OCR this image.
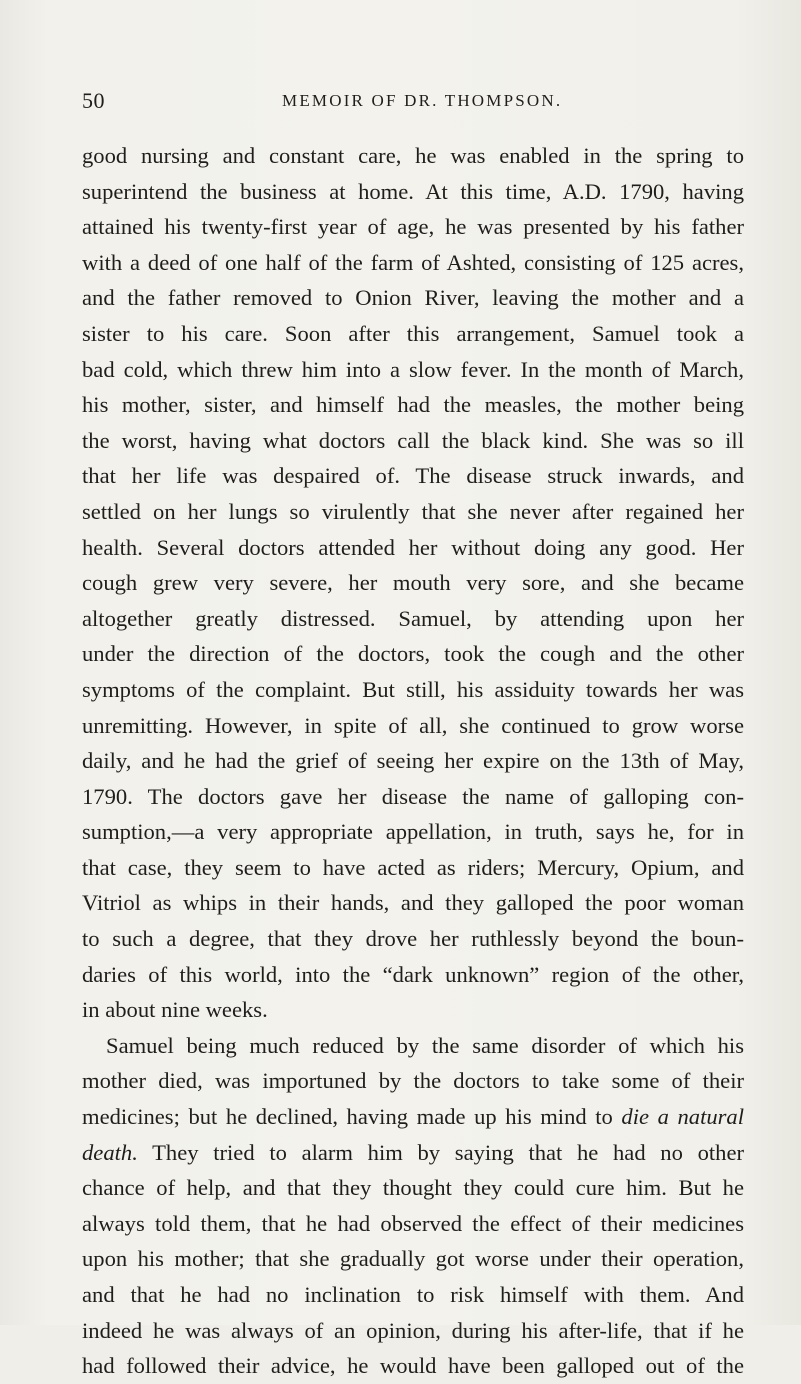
50	MEMOIR OF DR. THOMPSON.
good nursing and constant care, he was enabled in the spring to
superintend the business at home. At this time, A.D. 1790, having
attained his twenty-first year of age, he was presented by his father
with a deed of one half of the farm of Ashted, consisting of 125 acres,
and the father removed to Onion River, leaving the mother and a
sister to his care. Soon after this arrangement, Samuel took a
bad cold, which threw him into a slow fever. In the month of March,
his mother, sister, and himself had the measles, the mother being
the worst, having what doctors call the black kind. She was so ill
that her life was despaired of. The disease struck inwards, and
settled on her lungs so virulently that she never after regained her
health. Several doctors attended her without doing any good. Her
cough grew very severe, her mouth very sore, and she became
altogether greatly distressed. Samuel, by attending upon her
under the direction of the doctors, took the cough and the other
symptoms of the complaint. But still, his assiduity towards her was
unremitting. However, in spite of all, she continued to grow worse
daily, and he had the grief of seeing her expire on the 13th of May,
1790. The doctors gave her disease the name of galloping con-
sumption,—a very appropriate appellation, in truth, says he, for in
that case, they seem to have acted as riders; Mercury, Opium, and
Vitriol as whips in their hands, and they galloped the poor woman
to such a degree, that they drove her ruthlessly beyond the boun-
daries of this world, into the “dark unknown” region of the other,
in about nine weeks.
Samuel being much reduced by the same disorder of which his
mother died, was importuned by the doctors to take some of their
medicines; but he declined, having made up his mind to die a natural
death. They tried to alarm him by saying that he had no other
chance of help, and that they thought they could cure him. But he
always told them, that he had observed the effect of their medicines
upon his mother; that she gradually got worse under their operation,
and that he had no inclination to risk himself with them. And
indeed he was always of an opinion, during his after-life, that if he
had followed their advice, he would have been galloped out of the
